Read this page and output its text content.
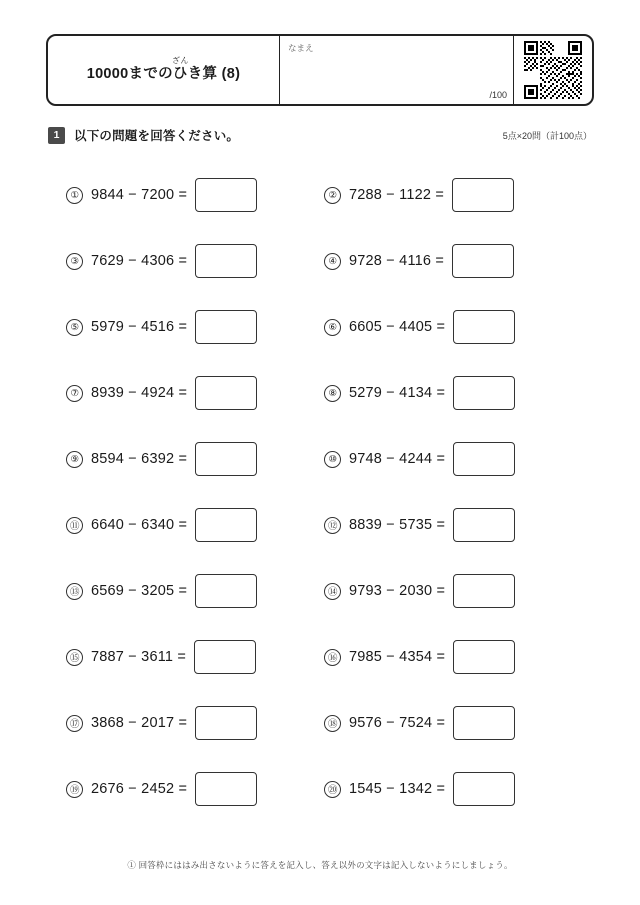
ざん
10000までのひき算 (8)
なまえ
/100
1	以下の問題を回答ください。	5点×20問（計100点）
① 9844 − 7200 =	② 7288 − 1122 =
③ 7629 − 4306 =	④ 9728 − 4116 =
⑤ 5979 − 4516 =	⑥ 6605 − 4405 =
⑦ 8939 − 4924 =	⑧ 5279 − 4134 =
⑨ 8594 − 6392 =	⑩ 9748 − 4244 =
⑪ 6640 − 6340 =	⑫ 8839 − 5735 =
⑬ 6569 − 3205 =	⑭ 9793 − 2030 =
⑮ 7887 − 3611 =	⑯ 7985 − 4354 =
⑰ 3868 − 2017 =	⑱ 9576 − 7524 =
⑲ 2676 − 2452 =	⑳ 1545 − 1342 =
① 回答枠にははみ出さないように答えを記入し、答え以外の文字は記入しないようにしましょう。
